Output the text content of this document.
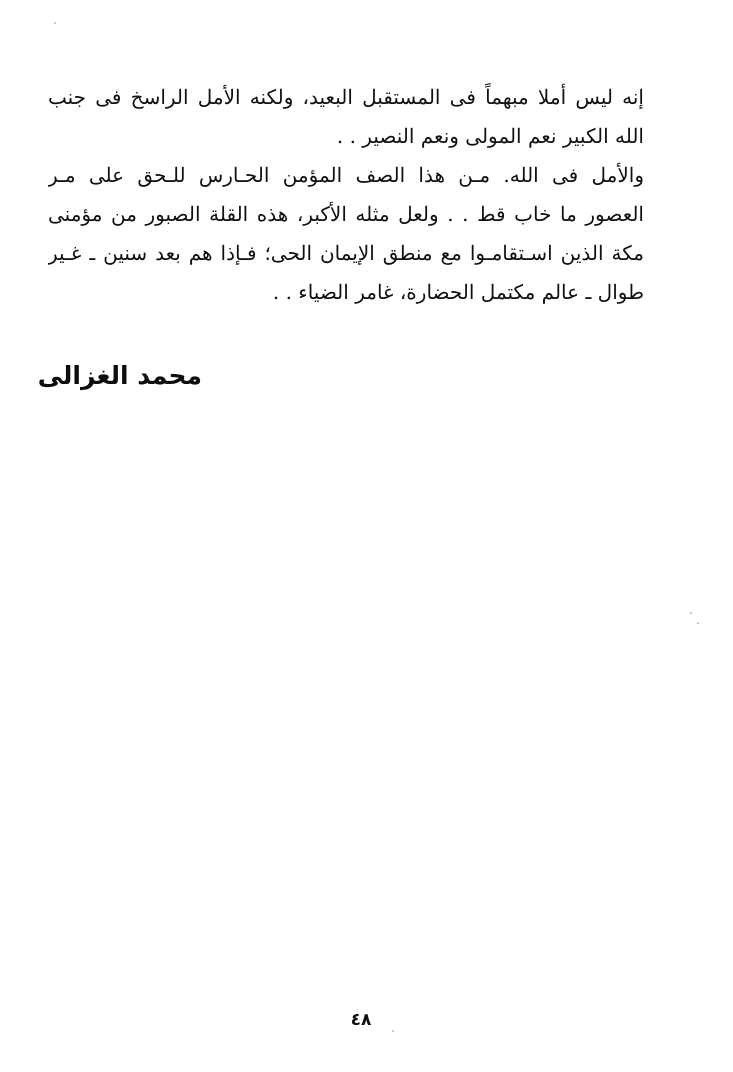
إنه ليس أملا مبهماً فى المستقبل البعيد، ولكنه الأمل الراسخ فى جنب
الله الكبير نعم المولى ونعم النصير . .
والأمل فى الله. مـن هذا الصف المؤمن الحـارس للـحق على مـر
العصور ما خاب قط . . ولعل مثله الأكبر، هذه القلة الصبور من مؤمنى
مكة الذين اسـتقامـوا مع منطق الإيمان الحى؛ فـإذا هم بعد سنين ـ غـير
طوال ـ عالم مكتمل الحضارة، غامر الضياء . .
محمد الغزالى
٤٨
